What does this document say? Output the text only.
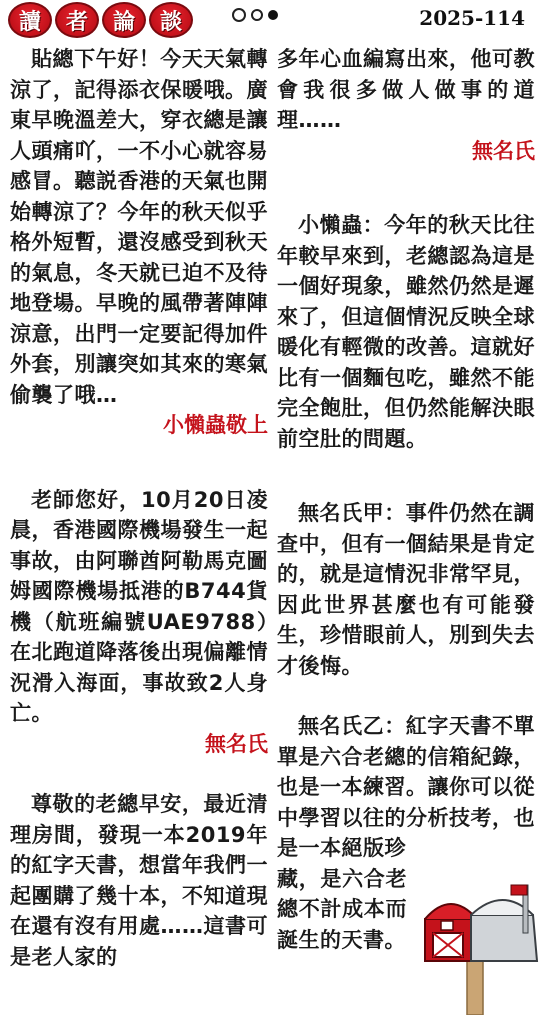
讀	者	論	談	2025-114

貼總下午好！今天天氣轉涼了，記得添衣保暖哦。廣東早晚溫差大，穿衣總是讓人頭痛吖，一不小心就容易感冒。聽説香港的天氣也開始轉涼了？今年的秋天似乎格外短暫，還沒感受到秋天的氣息，冬天就已迫不及待地登場。早晚的風帶著陣陣涼意，出門一定要記得加件外套，別讓突如其來的寒氣偷襲了哦…

小懶蟲敬上

老師您好，10月20日凌晨，香港國際機場發生一起事故，由阿聯酋阿勒馬克圖姆國際機場抵港的B744貨機（航班編號UAE9788）在北跑道降落後出現偏離情況滑入海面，事故致2人身亡。

無名氏

尊敬的老總早安，最近清理房間，發現一本2019年的紅字天書，想當年我們一起團購了幾十本，不知道現在還有沒有用處……這書可是老人家的

多年心血編寫出來，他可教會我很多做人做事的道理……

無名氏

小懶蟲：今年的秋天比往年較早來到，老總認為這是一個好現象，雖然仍然是遲來了，但這個情況反映全球暖化有輕微的改善。這就好比有一個麵包吃，雖然不能完全飽肚，但仍然能解決眼前空肚的問題。

無名氏甲：事件仍然在調查中，但有一個結果是肯定的，就是這情況非常罕見，因此世界甚麼也有可能發生，珍惜眼前人，別到失去才後悔。

無名氏乙：紅字天書不單單是六合老總的信箱紀錄，也是一本練習。讓你可以從中學習以往的分析技考，也是一本絕版珍

藏，是六合老總不計成本而誕生的天書。
